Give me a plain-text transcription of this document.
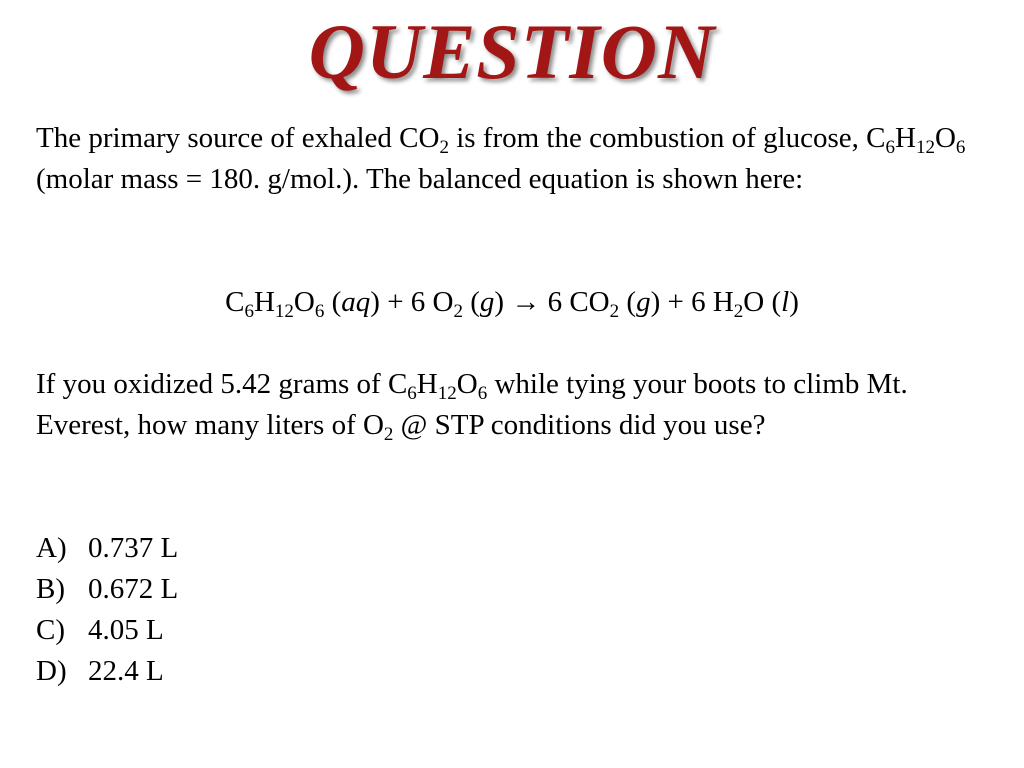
QUESTION
The primary source of exhaled $CO_2$ is from the combustion of glucose, $C_6H_{12}O_6$ (molar mass = 180. g/mol.). The balanced equation is shown here:
$C_6H_{12}O_6$ (aq) + 6 $O_2$ (g) → 6 $CO_2$ (g) + 6 $H_2O$ (l)
If you oxidized 5.42 grams of $C_6H_{12}O_6$ while tying your boots to climb Mt. Everest, how many liters of $O_2$ @ STP conditions did you use?
A) 0.737 L
B) 0.672 L
C) 4.05 L
D) 22.4 L
